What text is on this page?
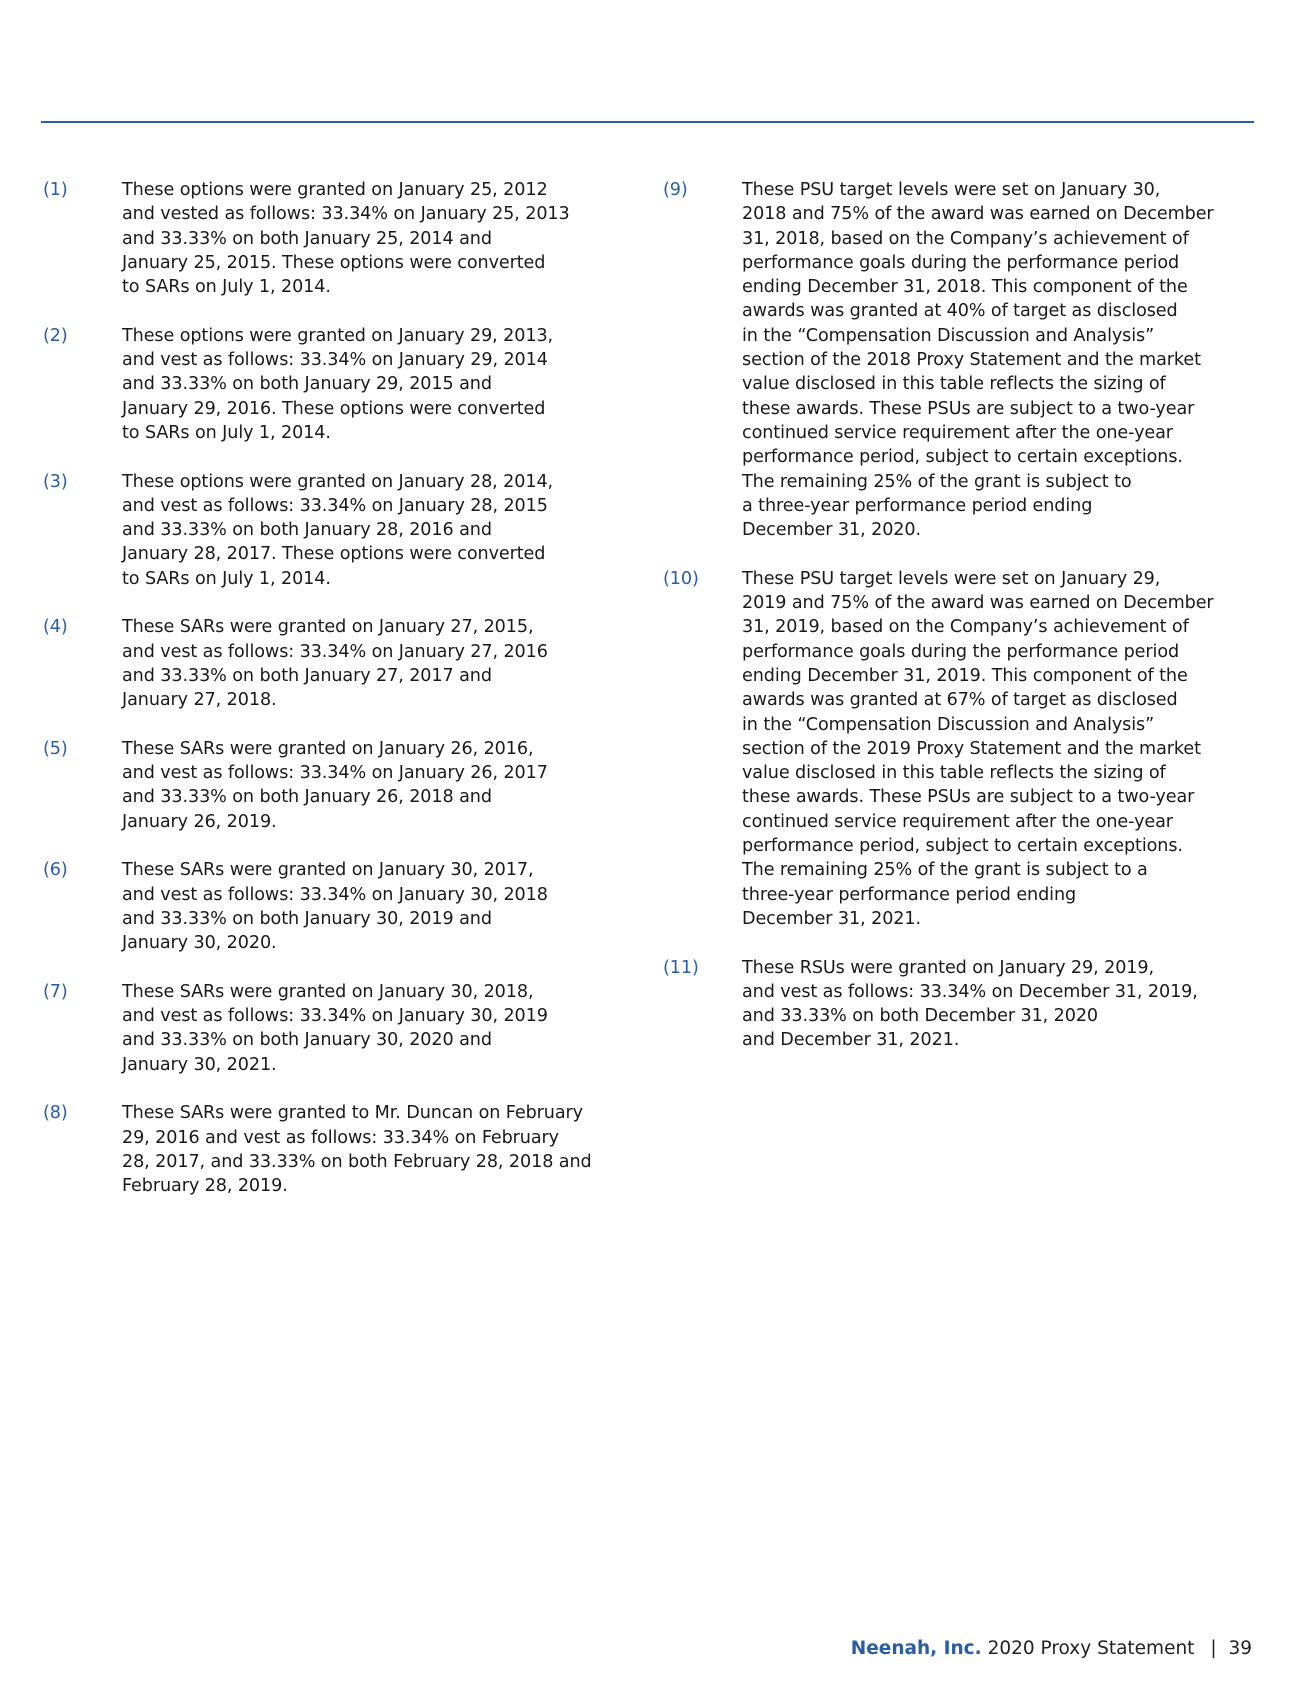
(1)	These options were granted on January 25, 2012
and vested as follows: 33.34% on January 25, 2013
and 33.33% on both January 25, 2014 and
January 25, 2015. These options were converted
to SARs on July 1, 2014.
(2)	These options were granted on January 29, 2013,
and vest as follows: 33.34% on January 29, 2014
and 33.33% on both January 29, 2015 and
January 29, 2016. These options were converted
to SARs on July 1, 2014.
(3)	These options were granted on January 28, 2014,
and vest as follows: 33.34% on January 28, 2015
and 33.33% on both January 28, 2016 and
January 28, 2017. These options were converted
to SARs on July 1, 2014.
(4)	These SARs were granted on January 27, 2015,
and vest as follows: 33.34% on January 27, 2016
and 33.33% on both January 27, 2017 and
January 27, 2018.
(5)	These SARs were granted on January 26, 2016,
and vest as follows: 33.34% on January 26, 2017
and 33.33% on both January 26, 2018 and
January 26, 2019.
(6)	These SARs were granted on January 30, 2017,
and vest as follows: 33.34% on January 30, 2018
and 33.33% on both January 30, 2019 and
January 30, 2020.
(7)	These SARs were granted on January 30, 2018,
and vest as follows: 33.34% on January 30, 2019
and 33.33% on both January 30, 2020 and
January 30, 2021.
(8)	These SARs were granted to Mr. Duncan on February
29, 2016 and vest as follows: 33.34% on February
28, 2017, and 33.33% on both February 28, 2018 and
February 28, 2019.
(9)	These PSU target levels were set on January 30,
2018 and 75% of the award was earned on December
31, 2018, based on the Company’s achievement of
performance goals during the performance period
ending December 31, 2018. This component of the
awards was granted at 40% of target as disclosed
in the “Compensation Discussion and Analysis”
section of the 2018 Proxy Statement and the market
value disclosed in this table reflects the sizing of
these awards. These PSUs are subject to a two-year
continued service requirement after the one-year
performance period, subject to certain exceptions.
The remaining 25% of the grant is subject to
a three-year performance period ending
December 31, 2020.
(10)	These PSU target levels were set on January 29,
2019 and 75% of the award was earned on December
31, 2019, based on the Company’s achievement of
performance goals during the performance period
ending December 31, 2019. This component of the
awards was granted at 67% of target as disclosed
in the “Compensation Discussion and Analysis”
section of the 2019 Proxy Statement and the market
value disclosed in this table reflects the sizing of
these awards. These PSUs are subject to a two-year
continued service requirement after the one-year
performance period, subject to certain exceptions.
The remaining 25% of the grant is subject to a
three-year performance period ending
December 31, 2021.
(11)	These RSUs were granted on January 29, 2019,
and vest as follows: 33.34% on December 31, 2019,
and 33.33% on both December 31, 2020
and December 31, 2021.
Neenah, Inc. 2020 Proxy Statement | 39
